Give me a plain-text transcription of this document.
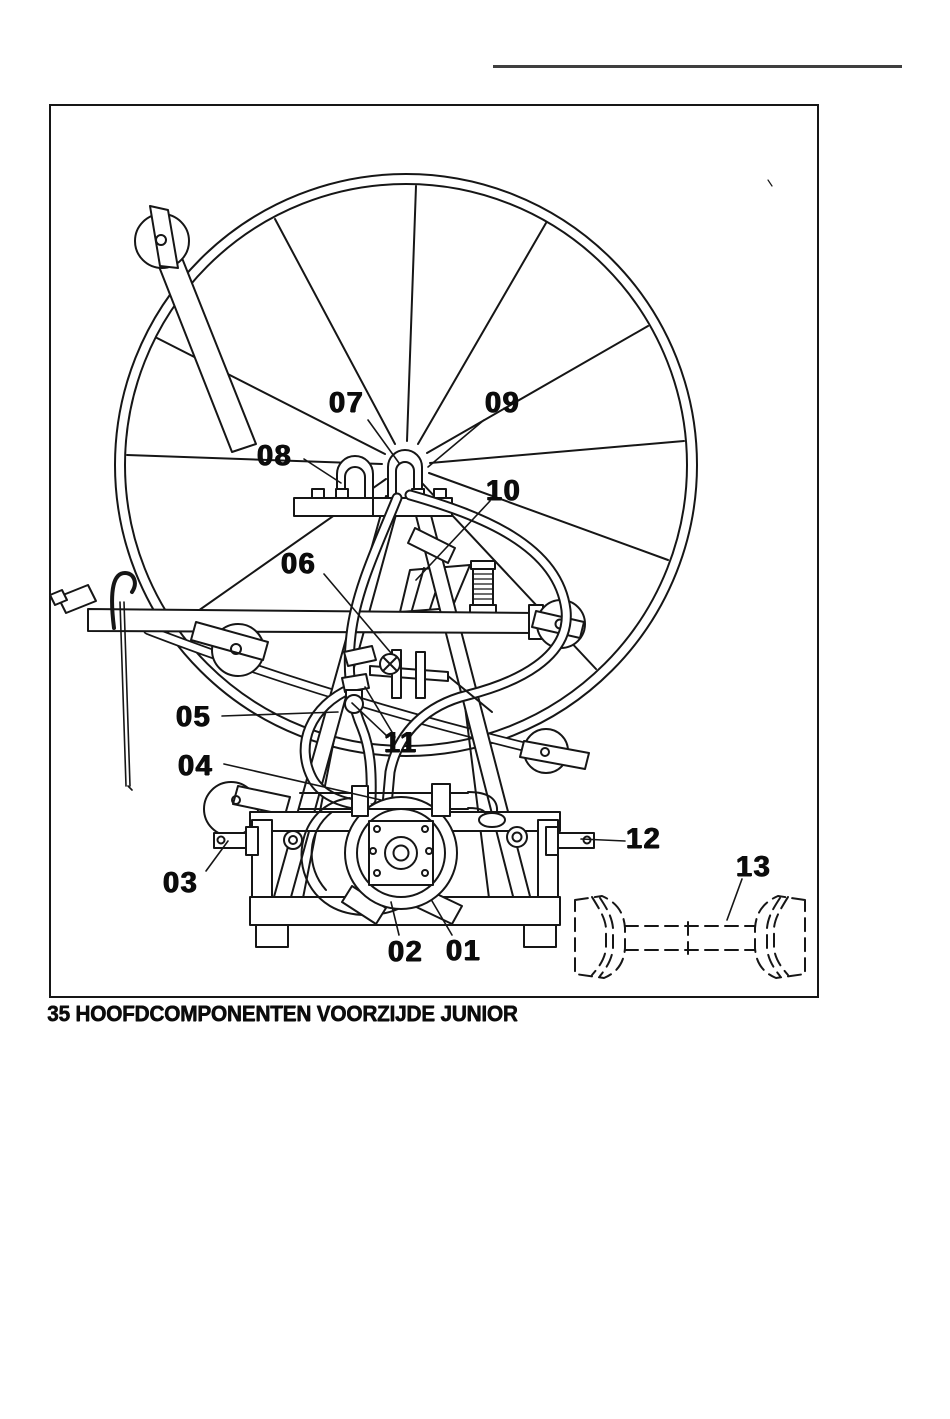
01
02
03
04
05
06
07
08
09
10
11
12
13
35 HOOFDCOMPONENTEN VOORZIJDE JUNIOR
